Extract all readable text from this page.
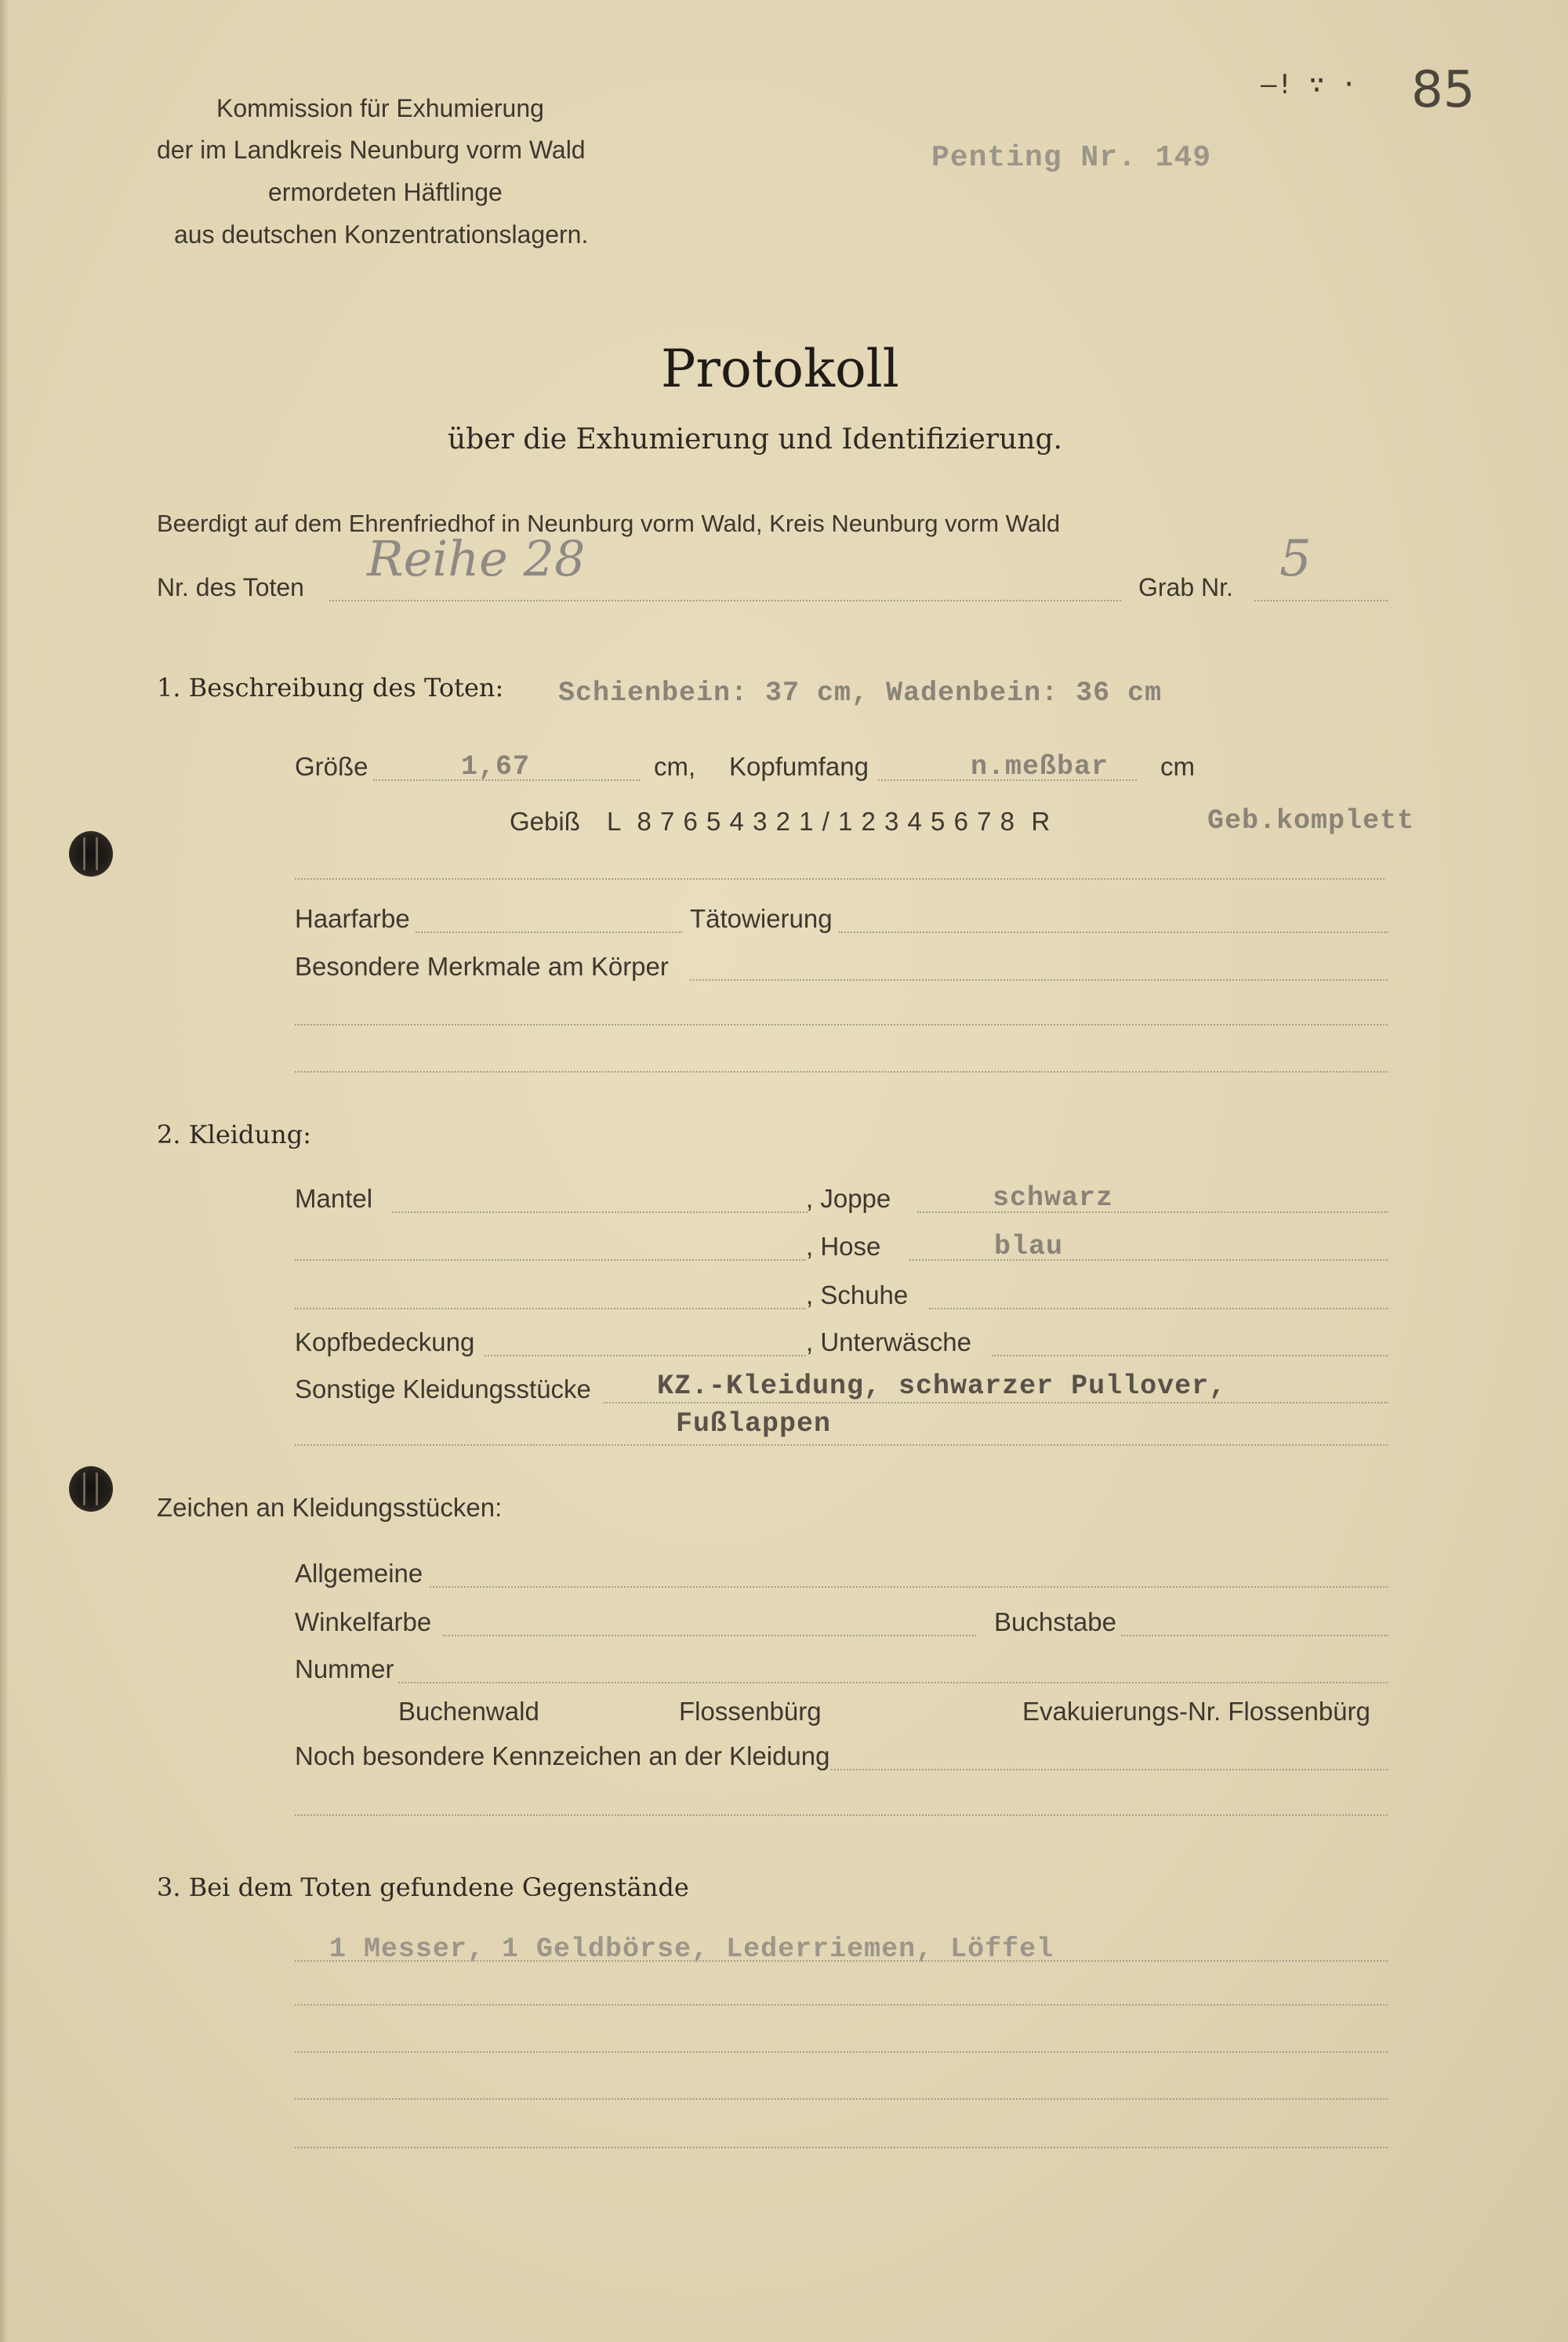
Kommission für Exhumierung
der im Landkreis Neunburg vorm Wald
ermordeten Häftlinge
aus deutschen Konzentrationslagern.
Penting Nr. 149
–! ∵ · 85
Protokoll
über die Exhumierung und Identifizierung.
Beerdigt auf dem Ehrenfriedhof in Neunburg vorm Wald, Kreis Neunburg vorm Wald
Nr. des Toten Reihe 28	Grab Nr. 5
1. Beschreibung des Toten: Schienbein: 37 cm, Wadenbein: 36 cm
Größe	1,67	cm, Kopfumfang	n.meßbar cm
Gebiß L  8 7 6 5 4 3 2 1 / 1 2 3 4 5 6 7 8  R	Geb.komplett
Haarfarbe	Tätowierung
Besondere Merkmale am Körper
2. Kleidung:
Mantel	, Joppe	schwarz
, Hose	blau
, Schuhe
Kopfbedeckung	, Unterwäsche
Sonstige Kleidungsstücke KZ.-Kleidung, schwarzer Pullover,
Fußlappen
Zeichen an Kleidungsstücken:
Allgemeine
Winkelfarbe	Buchstabe
Nummer
Buchenwald	Flossenbürg	Evakuierungs-Nr. Flossenbürg
Noch besondere Kennzeichen an der Kleidung
3. Bei dem Toten gefundene Gegenstände
1 Messer, 1 Geldbörse, Lederriemen, Löffel
